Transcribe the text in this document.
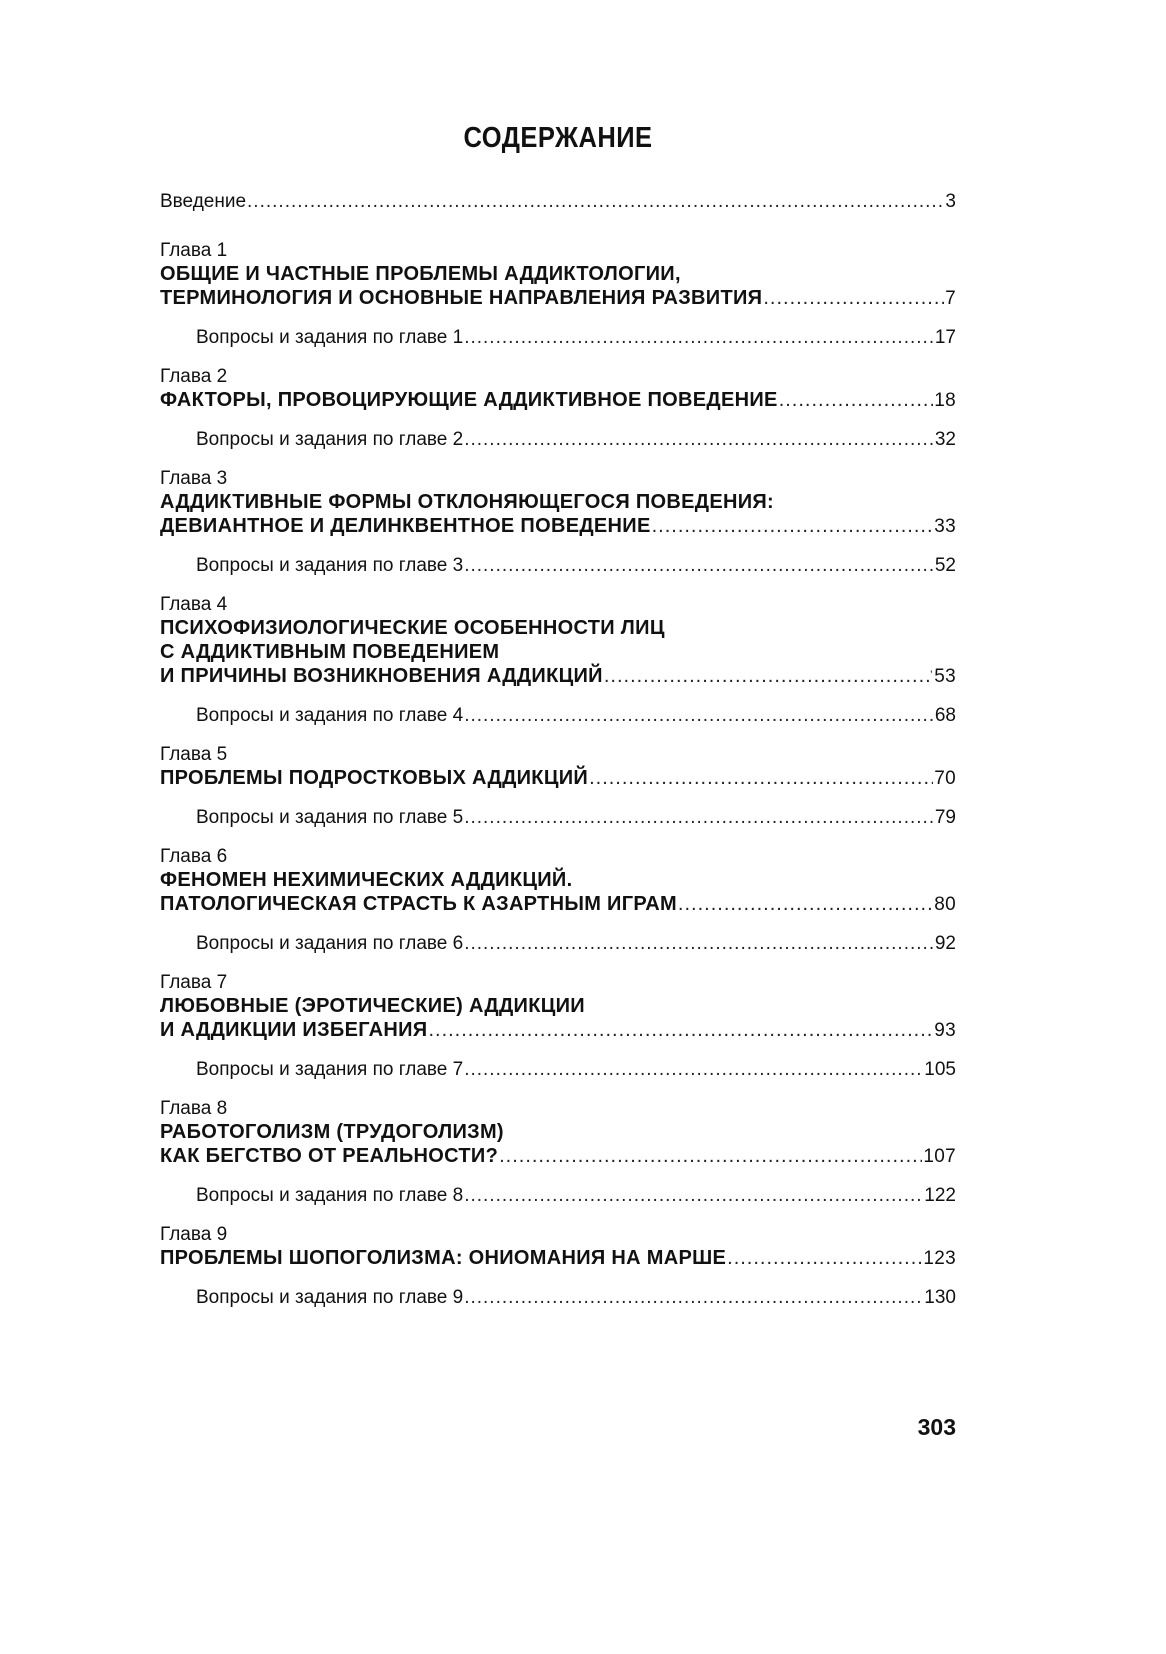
СОДЕРЖАНИЕ
Введение .....	3
Глава 1
ОБЩИЕ И ЧАСТНЫЕ ПРОБЛЕМЫ АДДИКТОЛОГИИ,
ТЕРМИНОЛОГИЯ И ОСНОВНЫЕ НАПРАВЛЕНИЯ РАЗВИТИЯ .....	7
Вопросы и задания по главе 1 .....	17
Глава 2
ФАКТОРЫ, ПРОВОЦИРУЮЩИЕ АДДИКТИВНОЕ ПОВЕДЕНИЕ .....	18
Вопросы и задания по главе 2 .....	32
Глава 3
АДДИКТИВНЫЕ ФОРМЫ ОТКЛОНЯЮЩЕГОСЯ ПОВЕДЕНИЯ:
ДЕВИАНТНОЕ И ДЕЛИНКВЕНТНОЕ ПОВЕДЕНИЕ .....	33
Вопросы и задания по главе 3 .....	52
Глава 4
ПСИХОФИЗИОЛОГИЧЕСКИЕ ОСОБЕННОСТИ ЛИЦ
С АДДИКТИВНЫМ ПОВЕДЕНИЕМ
И ПРИЧИНЫ ВОЗНИКНОВЕНИЯ АДДИКЦИЙ .....	53
Вопросы и задания по главе 4 .....	68
Глава 5
ПРОБЛЕМЫ ПОДРОСТКОВЫХ АДДИКЦИЙ .....	70
Вопросы и задания по главе 5 .....	79
Глава 6
ФЕНОМЕН НЕХИМИЧЕСКИХ АДДИКЦИЙ.
ПАТОЛОГИЧЕСКАЯ СТРАСТЬ К АЗАРТНЫМ ИГРАМ .....	80
Вопросы и задания по главе 6 .....	92
Глава 7
ЛЮБОВНЫЕ (ЭРОТИЧЕСКИЕ) АДДИКЦИИ
И АДДИКЦИИ ИЗБЕГАНИЯ .....	93
Вопросы и задания по главе 7 .....	105
Глава 8
РАБОТОГОЛИЗМ (ТРУДОГОЛИЗМ)
КАК БЕГСТВО ОТ РЕАЛЬНОСТИ? .....	107
Вопросы и задания по главе 8 .....	122
Глава 9
ПРОБЛЕМЫ ШОПОГОЛИЗМА: ОНИОМАНИЯ НА МАРШЕ .....	123
Вопросы и задания по главе 9 .....	130
’
303
